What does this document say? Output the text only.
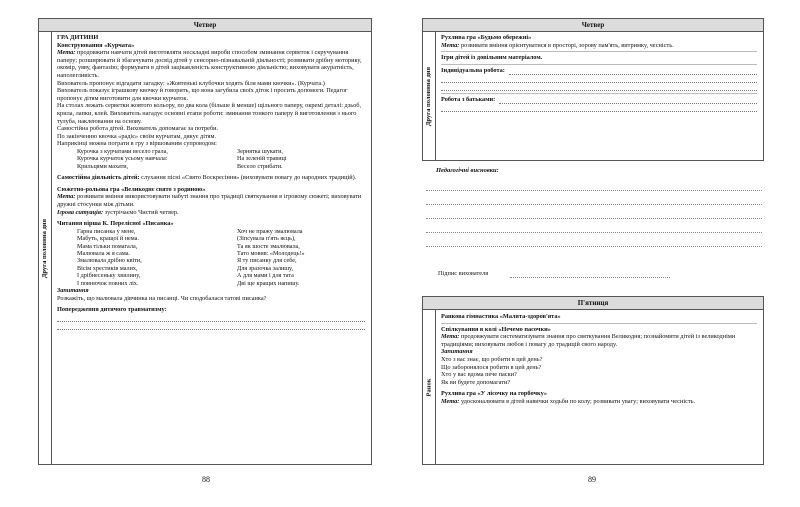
Четвер
Друга половина дня

ГРА ДИТИНИ

Конструювання «Курчата»

Мета: продовжити навчати дітей виготовляти нескладні вироби способом зминання серветок і скручування паперу; розширювати й збагачувати досвід дітей у сенсорно-пізнавальній діяльності; розвивати дрібну моторику, окомір, уяву, фантазію; формувати в дітей зацікавленість конструктивною діяльністю; виховувати акуратність, наполегливість.

Вихователь пропонує відгадати загадку: «Жовтенькі клубочки ходять біля мами квочки». (Курчата.)

Вихователь показує іграшкову квочку й говорить, що вона загубила своїх діток і просить допомоги. Педагог пропонує дітям виготовити для квочки курчаток.

На столах лежать серветки жовтого кольору, по два кола (більше й менше) щільного паперу, окремі деталі: дзьоб, крила, лапки, клей. Вихователь нагадує основні етапи роботи: зминання тонкого паперу й виготовлення з нього тулуба, наклеювання на основу.

Самостійна робота дітей. Вихователь допомагає за потреби.

По закінченню квочка «радіє» своїм курчатам, дякує дітям.

Наприкінці можна пограти в гру з віршованим супроводом:

Курочка з курчатами весело грала,	Зернятка шукати,
Курочка курчаток усьому навчала:	На зеленій травиці
Крильцями махати,	Весело стрибати.

Самостійна діяльність дітей: слухання пісні «Свято Воскресіння» (виховувати повагу до народних традицій).

Сюжетно-рольова гра «Великоднє свято з родиною»

Мета: розвивати вміння використовувати набуті знання про традиції святкування в ігровому сюжеті; виховувати дружні стосунки між дітьми.

Ігрова ситуація: зустрічаємо Чистий четвер.

Читання вірша К. Перелісної «Писанка»

Гарна писанка у мене,	Хоч не пражу змалювала
Мабуть, кращої й нема.	(Зіпсувала п'ять яєць),
Мама тільки помагала,	Та як шосте змалювала,
Малювала ж я сама.	Тато мовив: «Молодець!»
Змалювала дрібно квіти,	Я ту писанку для себе,
Вісім хрестиків малих,	Для зразочка залишу,
І дрібнесеньку хвилину,	А для мами і для тата
І повнючок повних ліх.	Дві ще кращих напишу.

Запитання

Розкажіть, що малювала дівчинка на писанці. Чи сподобалася татові писанка?

Попередження дитячого травматизму:

88
Четвер
Друга половина дня

Рухлива гра «Будьмо обережні»

Мета: розвивати вміння орієнтуватися в просторі, зорову пам'ять, витримку, чесність.

Ігри дітей із довільним матеріалом.

Індивідуальна робота:
Робота з батьками:
Педагогічні висновки:
Підпис вихователя
П'ятниця
Ранок

Ранкова гімнастика «Малята-здоров'ята»

Спілкування в колі «Нечемо пасочки»

Мета: продовжувати систематизувати знання про святкування Великодня; познайомити дітей із великодніми традиціями; виховувати любов і повагу до традицій свого народу.

Запитання

Хто з вас знає, що робити в цей день?

Що заборонялося робити в цей день?

Хто у вас вдома пече паски?

Як ви будете допомагати?

Рухлива гра «У лісочку на горбочку»

Мета: удосконалювати в дітей навички ходьби по колу; розвивати увагу; виховувати чесність.

89
